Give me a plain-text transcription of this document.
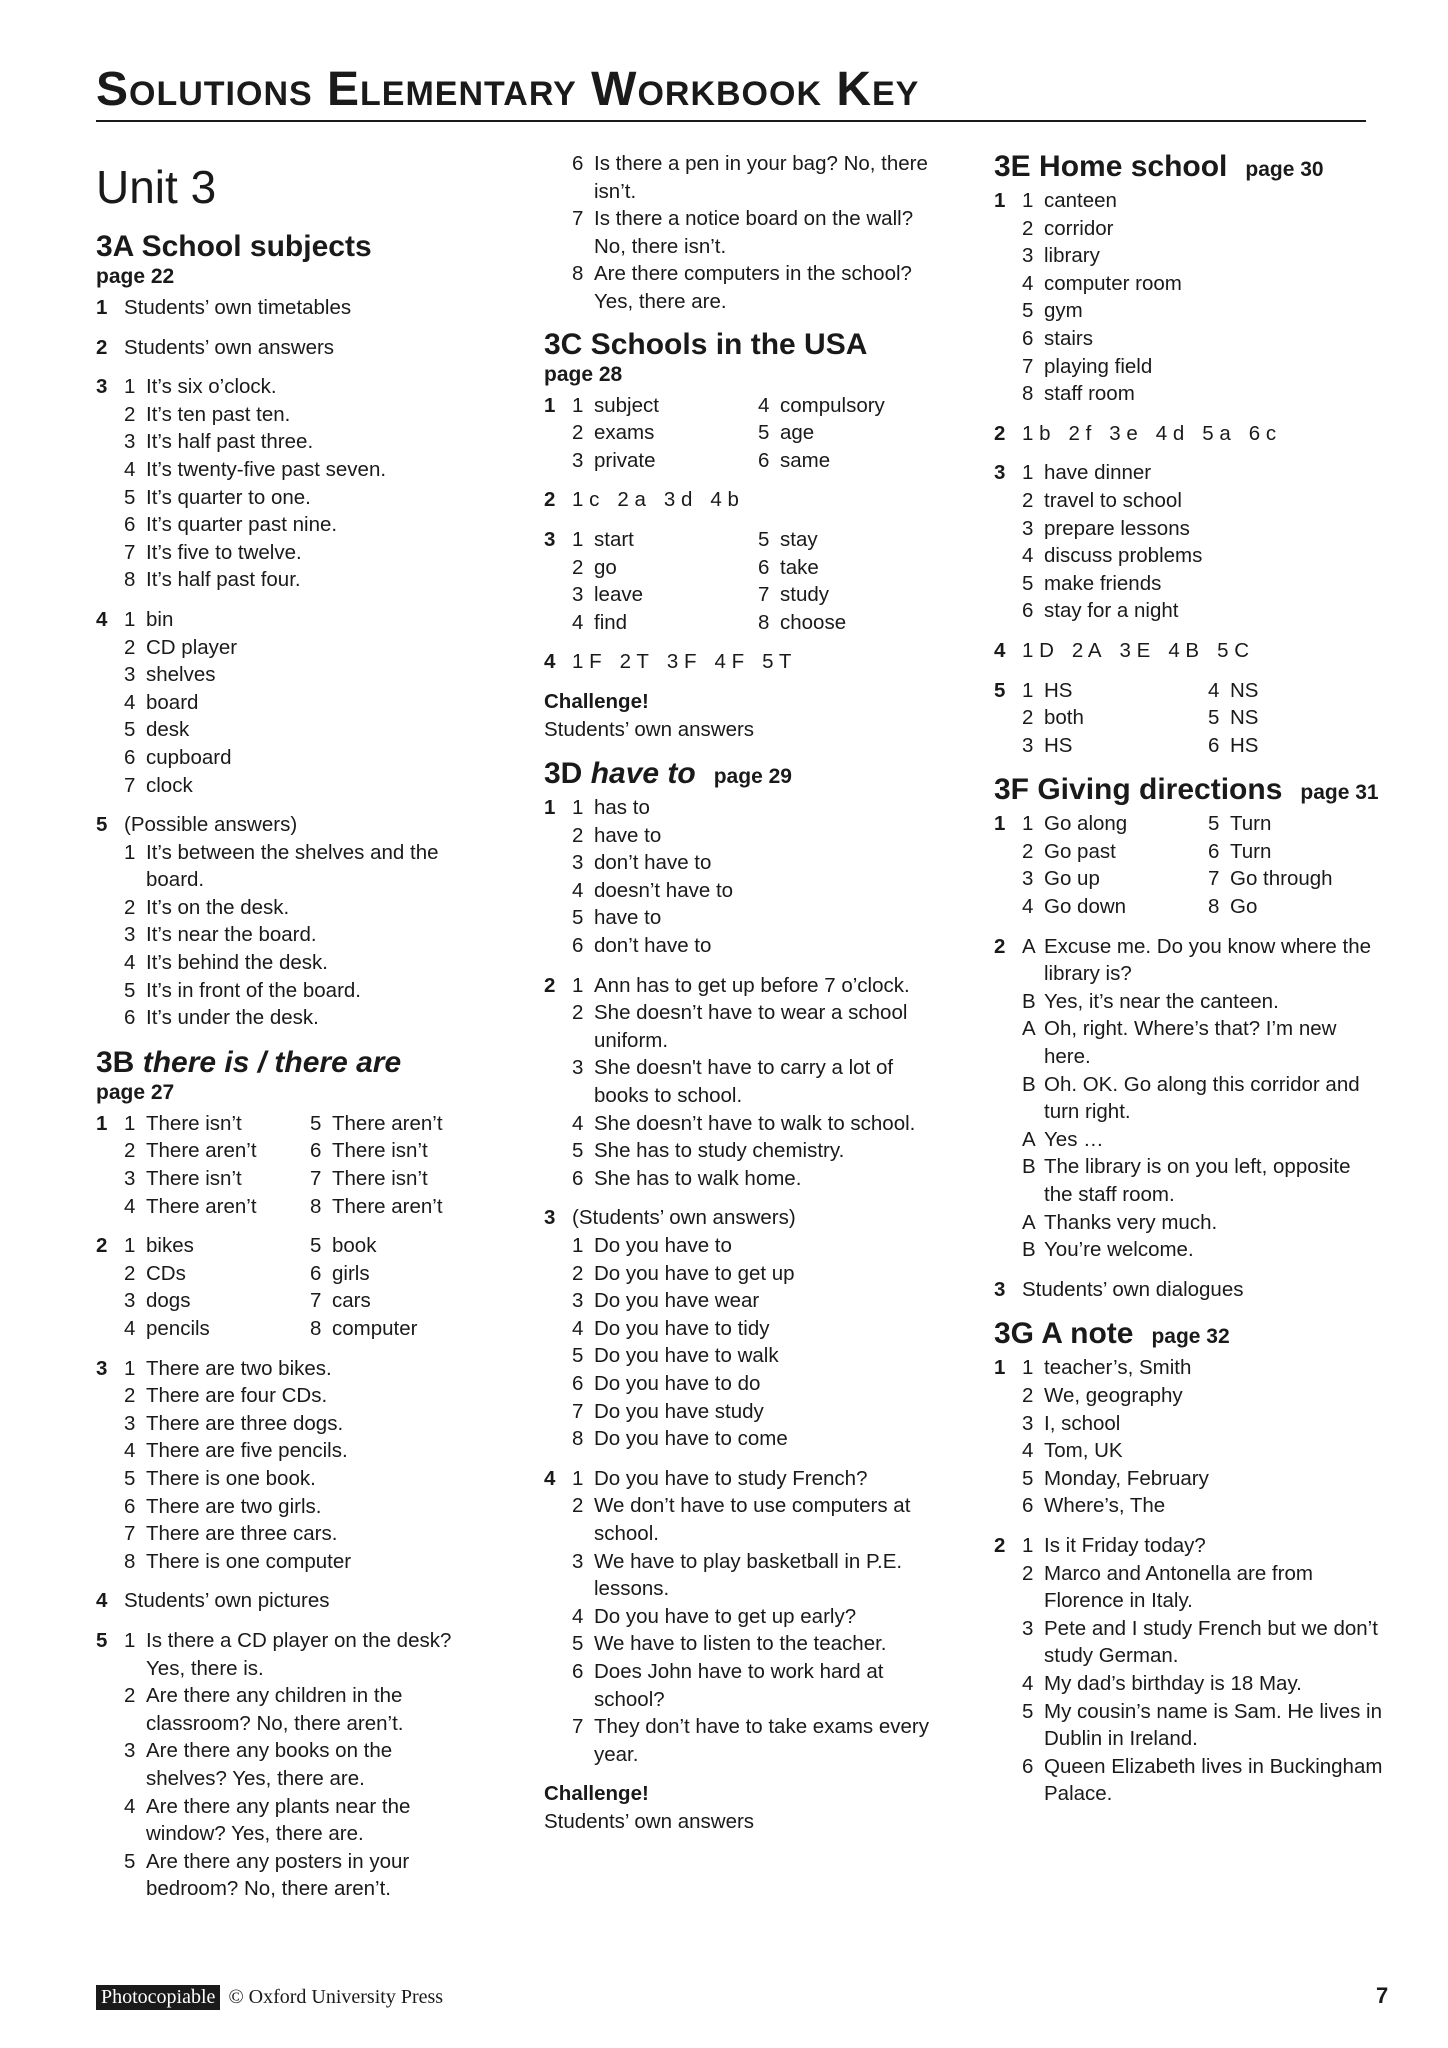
Solutions Elementary Workbook Key
Unit 3
3A School subjects
page 22
1 Students’ own timetables
2 Students’ own answers
3 1 It’s six o’clock.
2 It’s ten past ten.
3 It’s half past three.
4 It’s twenty-five past seven.
5 It’s quarter to one.
6 It’s quarter past nine.
7 It’s five to twelve.
8 It’s half past four.
4 1 bin
2 CD player
3 shelves
4 board
5 desk
6 cupboard
7 clock
5 (Possible answers)
1 It’s between the shelves and the board.
2 It’s on the desk.
3 It’s near the board.
4 It’s behind the desk.
5 It’s in front of the board.
6 It’s under the desk.
3B there is / there are
page 27
1 1 There isn’t	5 There aren’t
2 There aren’t	6 There isn’t
3 There isn’t	7 There isn’t
4 There aren’t	8 There aren’t
2 1 bikes	5 book
2 CDs	6 girls
3 dogs	7 cars
4 pencils	8 computer
3 1 There are two bikes.
2 There are four CDs.
3 There are three dogs.
4 There are five pencils.
5 There is one book.
6 There are two girls.
7 There are three cars.
8 There is one computer
4 Students’ own pictures
5 1 Is there a CD player on the desk? Yes, there is.
2 Are there any children in the classroom? No, there aren’t.
3 Are there any books on the shelves? Yes, there are.
4 Are there any plants near the window? Yes, there are.
5 Are there any posters in your bedroom? No, there aren’t.
6 Is there a pen in your bag? No, there isn’t.
7 Is there a notice board on the wall? No, there isn’t.
8 Are there computers in the school? Yes, there are.
3C Schools in the USA
page 28
1 1 subject	4 compulsory
2 exams	5 age
3 private	6 same
2 1 c 2 a 3 d 4 b
3 1 start	5 stay
2 go	6 take
3 leave	7 study
4 find	8 choose
4 1 F 2 T 3 F 4 F 5 T
Challenge!
Students’ own answers
3D have to page 29
1 1 has to
2 have to
3 don’t have to
4 doesn’t have to
5 have to
6 don’t have to
2 1 Ann has to get up before 7 o’clock.
2 She doesn’t have to wear a school uniform.
3 She doesn't have to carry a lot of books to school.
4 She doesn’t have to walk to school.
5 She has to study chemistry.
6 She has to walk home.
3 (Students’ own answers)
1 Do you have to
2 Do you have to get up
3 Do you have wear
4 Do you have to tidy
5 Do you have to walk
6 Do you have to do
7 Do you have study
8 Do you have to come
4 1 Do you have to study French?
2 We don’t have to use computers at school.
3 We have to play basketball in P.E. lessons.
4 Do you have to get up early?
5 We have to listen to the teacher.
6 Does John have to work hard at school?
7 They don’t have to take exams every year.
Challenge!
Students’ own answers
3E Home school page 30
1 1 canteen
2 corridor
3 library
4 computer room
5 gym
6 stairs
7 playing field
8 staff room
2 1 b 2 f 3 e 4 d 5 a 6 c
3 1 have dinner
2 travel to school
3 prepare lessons
4 discuss problems
5 make friends
6 stay for a night
4 1 D 2 A 3 E 4 B 5 C
5 1 HS	4 NS
2 both	5 NS
3 HS	6 HS
3F Giving directions page 31
1 1 Go along	5 Turn
2 Go past	6 Turn
3 Go up	7 Go through
4 Go down	8 Go
2 A Excuse me. Do you know where the library is?
B Yes, it’s near the canteen.
A Oh, right. Where’s that? I’m new here.
B Oh. OK. Go along this corridor and turn right.
A Yes …
B The library is on you left, opposite the staff room.
A Thanks very much.
B You’re welcome.
3 Students’ own dialogues
3G A note page 32
1 1 teacher’s, Smith
2 We, geography
3 I, school
4 Tom, UK
5 Monday, February
6 Where’s, The
2 1 Is it Friday today?
2 Marco and Antonella are from Florence in Italy.
3 Pete and I study French but we don’t study German.
4 My dad’s birthday is 18 May.
5 My cousin’s name is Sam. He lives in Dublin in Ireland.
6 Queen Elizabeth lives in Buckingham Palace.
Photocopiable © Oxford University Press	7
